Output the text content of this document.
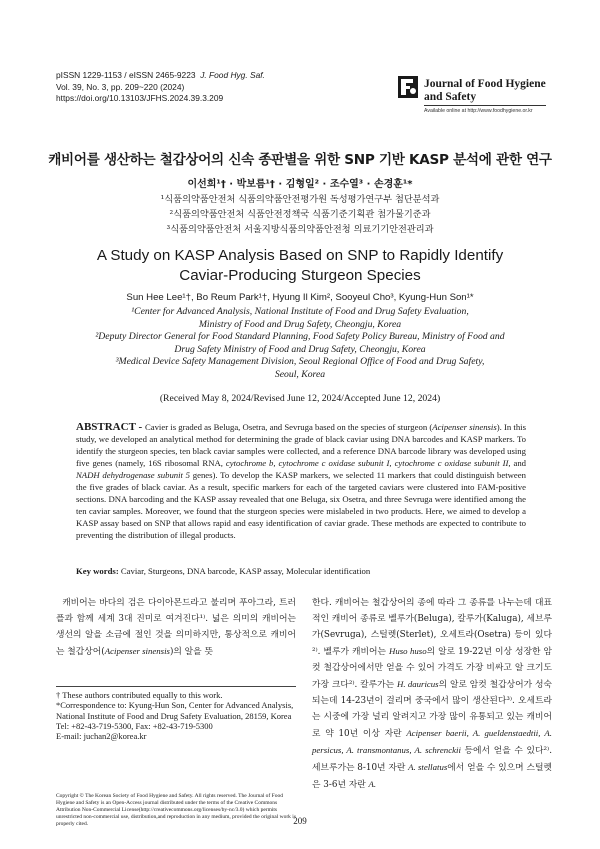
pISSN 1229-1153 / eISSN 2465-9223 J. Food Hyg. Saf.
Vol. 39, No. 3, pp. 209~220 (2024)
https://doi.org/10.13103/JFHS.2024.39.3.209
Journal of Food Hygiene
and Safety
Available online at http://www.foodhygiene.or.kr
캐비어를 생산하는 철갑상어의 신속 종판별을 위한 SNP 기반 KASP 분석에 관한 연구
이선희¹† · 박보름¹† · 김형일² · 조수열³ · 손경훈¹*
¹식품의약품안전처 식품의약품안전평가원 독성평가연구부 첨단분석과
²식품의약품안전처 식품안전정책국 식품기준기획관 첨가물기준과
³식품의약품안전처 서울지방식품의약품안전청 의료기기안전관리과
A Study on KASP Analysis Based on SNP to Rapidly Identify
Caviar-Producing Sturgeon Species
Sun Hee Lee¹†, Bo Reum Park¹†, Hyung Il Kim², Sooyeul Cho³, Kyung-Hun Son¹*
¹Center for Advanced Analysis, National Institute of Food and Drug Safety Evaluation,
Ministry of Food and Drug Safety, Cheongju, Korea
²Deputy Director General for Food Standard Planning, Food Safety Policy Bureau, Ministry of Food and
Drug Safety Ministry of Food and Drug Safety, Cheongju, Korea
³Medical Device Safety Management Division, Seoul Regional Office of Food and Drug Safety,
Seoul, Korea
(Received May 8, 2024/Revised June 12, 2024/Accepted June 12, 2024)
ABSTRACT - Cavier is graded as Beluga, Osetra, and Sevruga based on the species of sturgeon (Acipenser sinensis). In this study, we developed an analytical method for determining the grade of black caviar using DNA barcodes and KASP markers. To identify the sturgeon species, ten black caviar samples were collected, and a reference DNA barcode library was developed using five genes (namely, 16S ribosomal RNA, cytochrome b, cytochrome c oxidase subunit I, cytochrome c oxidase subunit II, and NADH dehydrogenase subunit 5 genes). To develop the KASP markers, we selected 11 markers that could distinguish between the five grades of black caviar. As a result, specific markers for each of the targeted caviars were clustered into FAM-positive sections. DNA barcoding and the KASP assay revealed that one Beluga, six Osetra, and three Sevruga were identified among the ten caviar samples. Moreover, we found that the sturgeon species were mislabeled in two products. Here, we aimed to develop a KASP assay based on SNP that allows rapid and easy identification of caviar grade. These methods are expected to contribute to preventing the distribution of illegal products.
Key words: Caviar, Sturgeons, DNA barcode, KASP assay, Molecular identification
캐비어는 바다의 검은 다이아몬드라고 불리며 푸아그라, 트러플과 함께 세계 3대 진미로 여겨진다¹⁾. 넓은 의미의 캐비어는 생선의 알을 소금에 절인 것을 의미하지만, 통상적으로 캐비어는 철갑상어(Acipenser sinensis)의 알을 뜻
한다. 캐비어는 철갑상어의 종에 따라 그 종류를 나누는데 대표적인 캐비어 종류로 벨루가(Beluga), 칼루가(Kaluga), 세브루가(Sevruga), 스털렛(Sterlet), 오세트라(Osetra) 등이 있다²⁾. 벨루가 캐비어는 Huso huso의 알로 19-22년 이상 성장한 암컷 철갑상어에서만 얻을 수 있어 가격도 가장 비싸고 알 크기도 가장 크다²⁾. 칼루가는 H. dauricus의 알로 암컷 철갑상어가 성숙되는데 14-23년이 걸리며 중국에서 많이 생산된다³⁾. 오세트라는 시중에 가장 널리 알려지고 가장 많이 유통되고 있는 캐비어로 약 10년 이상 자란 Acipenser baerii, A. gueldenstaedtii, A. persicus, A. transmontanus, A. schrenckii 등에서 얻을 수 있다²⁾. 세브루가는 8-10년 자란 A. stellatus에서 얻을 수 있으며 스털렛은 3-6년 자란 A.
† These authors contributed equally to this work.
*Correspondence to: Kyung-Hun Son, Center for Advanced Analysis, National Institute of Food and Drug Safety Evaluation, 28159, Korea
Tel: +82-43-719-5300, Fax: +82-43-719-5300
E-mail: juchan2@korea.kr
Copyright © The Korean Society of Food Hygiene and Safety. All rights reserved. The Journal of Food Hygiene and Safety is an Open-Access journal distributed under the terms of the Creative Commons Attribution Non-Commercial License(http://creativecommons.org/licenses/by-nc/3.0) which permits unrestricted non-commercial use, distribution,and reproduction in any medium, provided the original work is properly cited.	209
